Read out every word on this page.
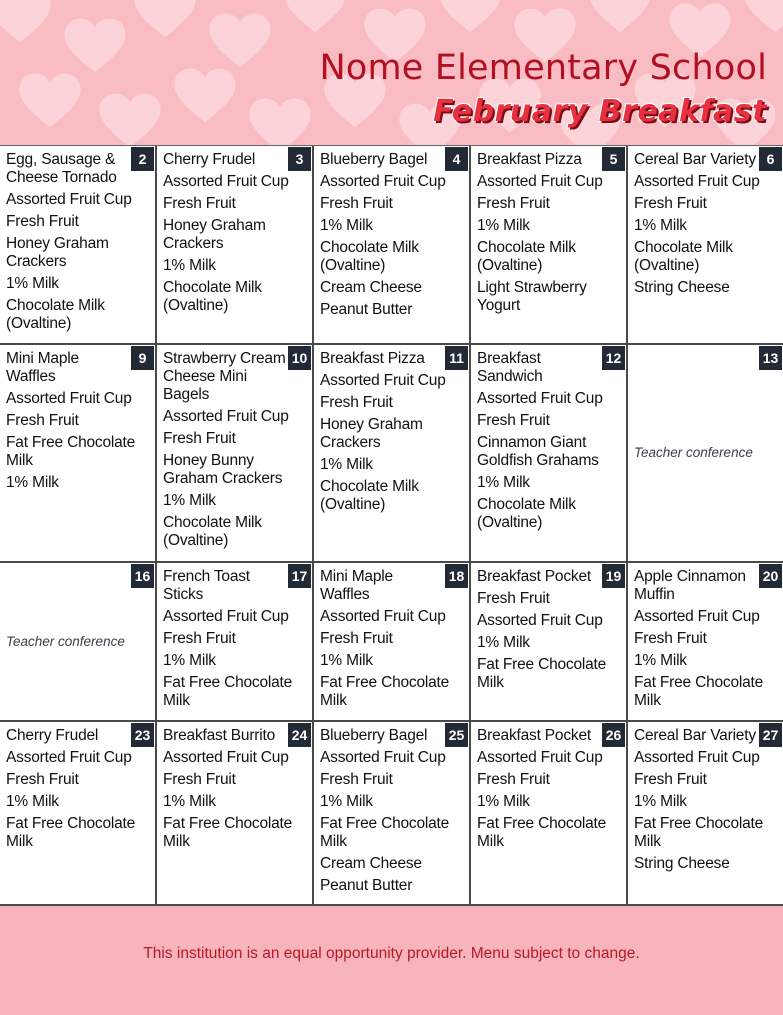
Nome Elementary School
February Breakfast
2
Egg, Sausage & Cheese Tornado
Assorted Fruit Cup
Fresh Fruit
Honey Graham Crackers
1% Milk
Chocolate Milk (Ovaltine)
3
Cherry Frudel
Assorted Fruit Cup
Fresh Fruit
Honey Graham Crackers
1% Milk
Chocolate Milk (Ovaltine)
4
Blueberry Bagel
Assorted Fruit Cup
Fresh Fruit
1% Milk
Chocolate Milk (Ovaltine)
Cream Cheese
Peanut Butter
5
Breakfast Pizza
Assorted Fruit Cup
Fresh Fruit
1% Milk
Chocolate Milk (Ovaltine)
Light Strawberry Yogurt
6
Cereal Bar Variety
Assorted Fruit Cup
Fresh Fruit
1% Milk
Chocolate Milk (Ovaltine)
String Cheese
9
Mini Maple Waffles
Assorted Fruit Cup
Fresh Fruit
Fat Free Chocolate Milk
1% Milk
10
Strawberry Cream Cheese Mini Bagels
Assorted Fruit Cup
Fresh Fruit
Honey Bunny Graham Crackers
1% Milk
Chocolate Milk (Ovaltine)
11
Breakfast Pizza
Assorted Fruit Cup
Fresh Fruit
Honey Graham Crackers
1% Milk
Chocolate Milk (Ovaltine)
12
Breakfast Sandwich
Assorted Fruit Cup
Fresh Fruit
Cinnamon Giant Goldfish Grahams
1% Milk
Chocolate Milk (Ovaltine)
13
Teacher conference
16
Teacher conference
17
French Toast Sticks
Assorted Fruit Cup
Fresh Fruit
1% Milk
Fat Free Chocolate Milk
18
Mini Maple Waffles
Assorted Fruit Cup
Fresh Fruit
1% Milk
Fat Free Chocolate Milk
19
Breakfast Pocket
Fresh Fruit
Assorted Fruit Cup
1% Milk
Fat Free Chocolate Milk
20
Apple Cinnamon Muffin
Assorted Fruit Cup
Fresh Fruit
1% Milk
Fat Free Chocolate Milk
23
Cherry Frudel
Assorted Fruit Cup
Fresh Fruit
1% Milk
Fat Free Chocolate Milk
24
Breakfast Burrito
Assorted Fruit Cup
Fresh Fruit
1% Milk
Fat Free Chocolate Milk
25
Blueberry Bagel
Assorted Fruit Cup
Fresh Fruit
1% Milk
Fat Free Chocolate Milk
Cream Cheese
Peanut Butter
26
Breakfast Pocket
Assorted Fruit Cup
Fresh Fruit
1% Milk
Fat Free Chocolate Milk
27
Cereal Bar Variety
Assorted Fruit Cup
Fresh Fruit
1% Milk
Fat Free Chocolate Milk
String Cheese
This institution is an equal opportunity provider. Menu subject to change.
